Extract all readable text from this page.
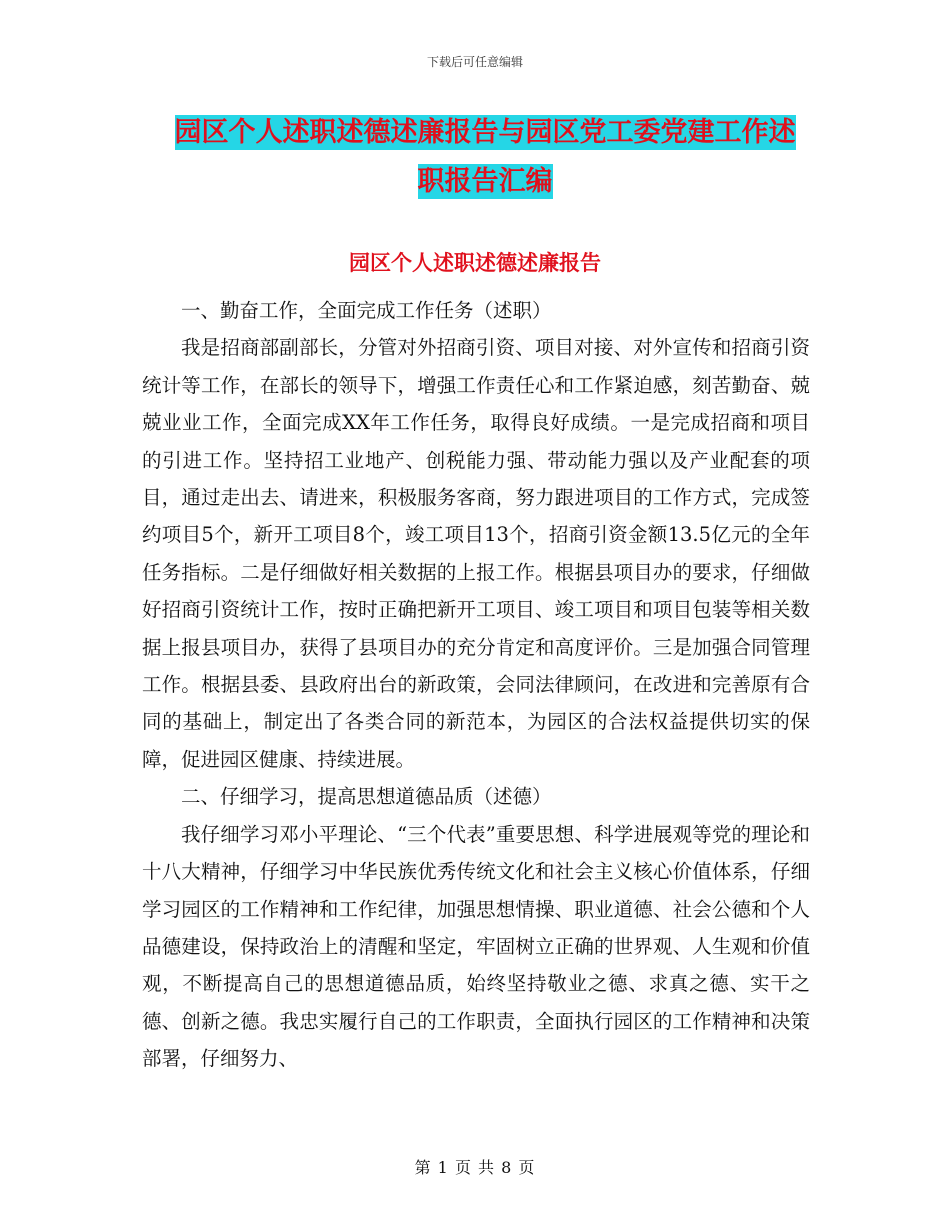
下载后可任意编辑
园区个人述职述德述廉报告与园区党工委党建工作述
职报告汇编
园区个人述职述德述廉报告

一、勤奋工作，全面完成工作任务（述职）

我是招商部副部长，分管对外招商引资、项目对接、对外宣传和招商引资统计等工作，在部长的领导下，增强工作责任心和工作紧迫感，刻苦勤奋、兢兢业业工作，全面完成XX年工作任务，取得良好成绩。一是完成招商和项目的引进工作。坚持招工业地产、创税能力强、带动能力强以及产业配套的项目，通过走出去、请进来，积极服务客商，努力跟进项目的工作方式，完成签约项目5个，新开工项目8个，竣工项目13个，招商引资金额13.5亿元的全年任务指标。二是仔细做好相关数据的上报工作。根据县项目办的要求，仔细做好招商引资统计工作，按时正确把新开工项目、竣工项目和项目包装等相关数据上报县项目办，获得了县项目办的充分肯定和高度评价。三是加强合同管理工作。根据县委、县政府出台的新政策，会同法律顾问，在改进和完善原有合同的基础上，制定出了各类合同的新范本，为园区的合法权益提供切实的保障，促进园区健康、持续进展。

二、仔细学习，提高思想道德品质（述德）

我仔细学习邓小平理论、“三个代表”重要思想、科学进展观等党的理论和十八大精神，仔细学习中华民族优秀传统文化和社会主义核心价值体系，仔细学习园区的工作精神和工作纪律，加强思想情操、职业道德、社会公德和个人品德建设，保持政治上的清醒和坚定，牢固树立正确的世界观、人生观和价值观，不断提高自己的思想道德品质，始终坚持敬业之德、求真之德、实干之德、创新之德。我忠实履行自己的工作职责，全面执行园区的工作精神和决策部署，仔细努力、

第 1 页 共 8 页
